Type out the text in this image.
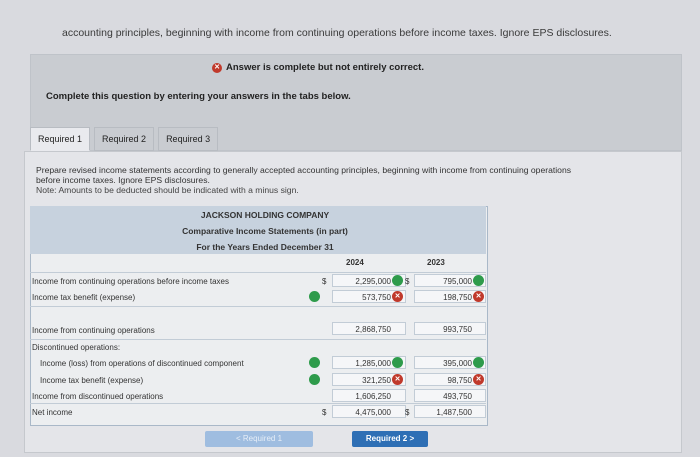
accounting principles, beginning with income from continuing operations before income taxes. Ignore EPS disclosures.
✕ Answer is complete but not entirely correct.
Complete this question by entering your answers in the tabs below.
Required 1	Required 2	Required 3
Prepare revised income statements according to generally accepted accounting principles, beginning with income from continuing operations before income taxes. Ignore EPS disclosures.
Note: Amounts to be deducted should be indicated with a minus sign.
JACKSON HOLDING COMPANY
Comparative Income Statements (in part)
For the Years Ended December 31
2024	2023
Income from continuing operations before income taxes	$	2,295,000 $	795,000
Income tax benefit (expense)	573,750 ✕	198,750 ✕
Income from continuing operations	2,868,750	993,750
Discontinued operations:
Income (loss) from operations of discontinued component	1,285,000	395,000
Income tax benefit (expense)	321,250 ✕	98,750 ✕
Income from discontinued operations	1,606,250	493,750
Net income	$	4,475,000 $	1,487,500
< Required 1	Required 2 >
